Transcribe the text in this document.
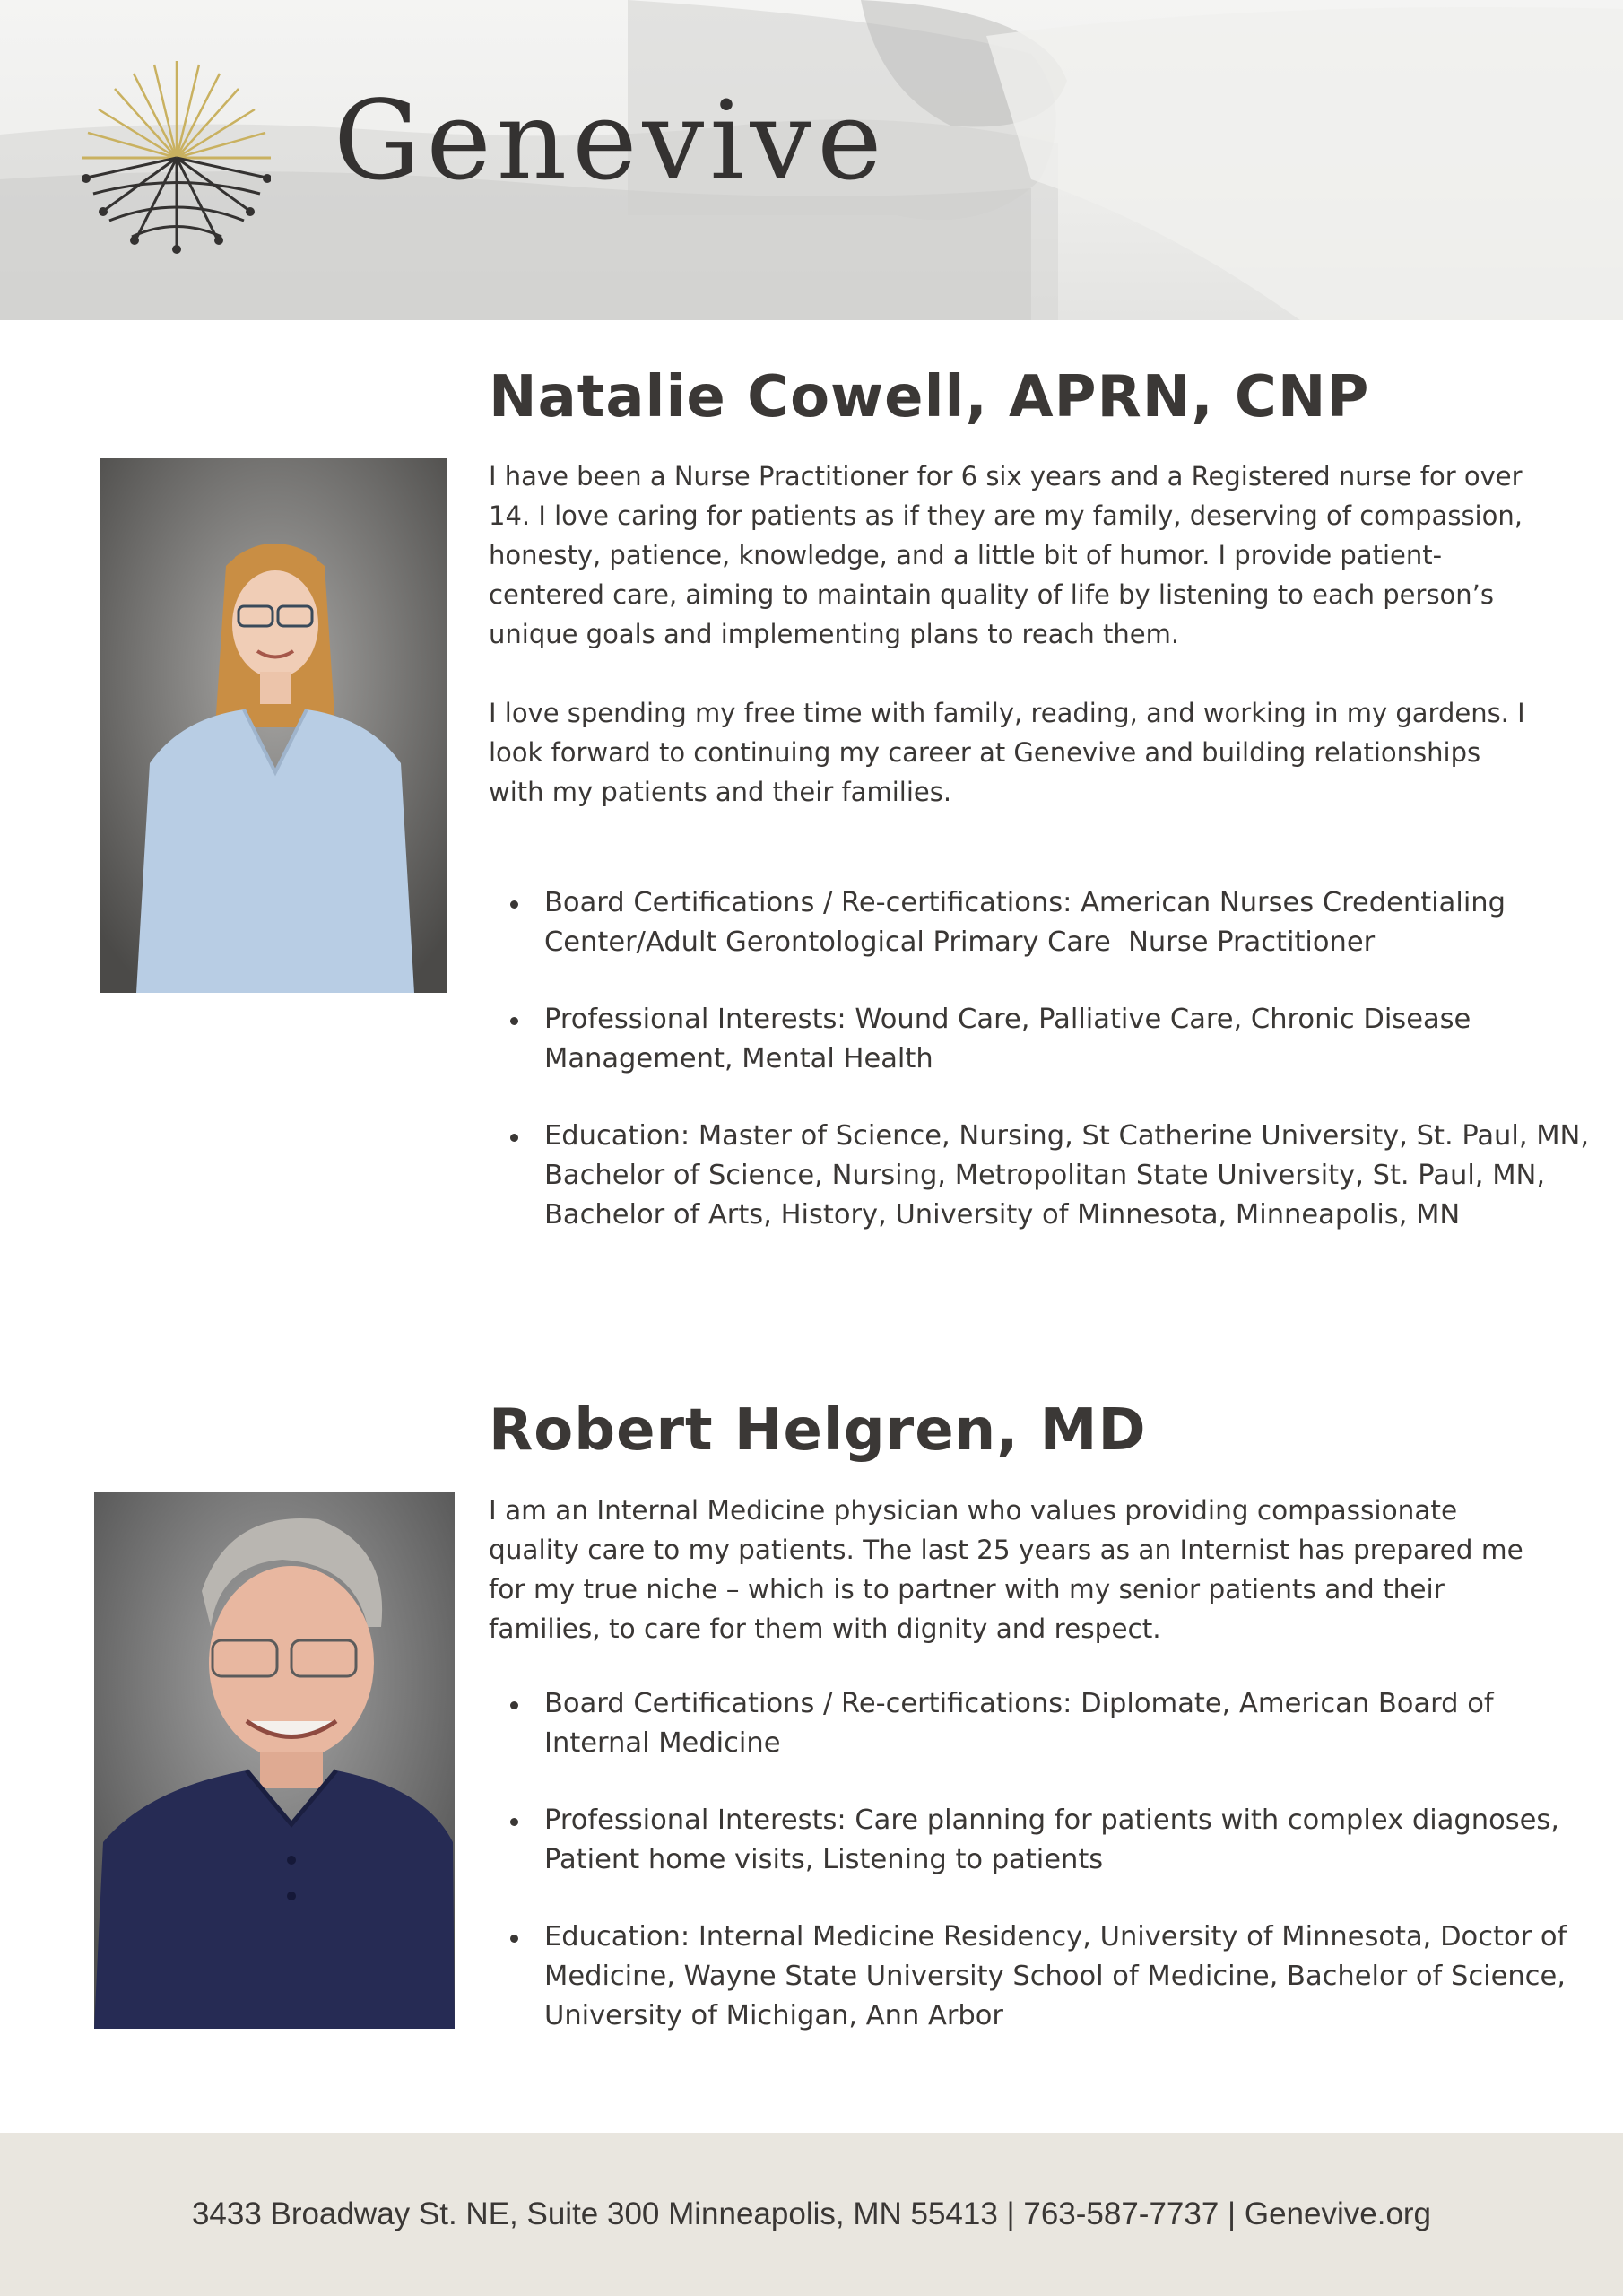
Genevive
Natalie Cowell, APRN, CNP

I have been a Nurse Practitioner for 6 six years and a Registered nurse for over
14. I love caring for patients as if they are my family, deserving of compassion,
honesty, patience, knowledge, and a little bit of humor. I provide patient-
centered care, aiming to maintain quality of life by listening to each person’s
unique goals and implementing plans to reach them.

I love spending my free time with family, reading, and working in my gardens. I
look forward to continuing my career at Genevive and building relationships
with my patients and their families.

Board Certifications / Re-certifications: American Nurses Credentialing
Center/Adult Gerontological Primary Care  Nurse Practitioner
Professional Interests: Wound Care, Palliative Care, Chronic Disease
Management, Mental Health
Education: Master of Science, Nursing, St Catherine University, St. Paul, MN,
Bachelor of Science, Nursing, Metropolitan State University, St. Paul, MN,
Bachelor of Arts, History, University of Minnesota, Minneapolis, MN
Robert Helgren, MD

I am an Internal Medicine physician who values providing compassionate
quality care to my patients. The last 25 years as an Internist has prepared me
for my true niche – which is to partner with my senior patients and their
families, to care for them with dignity and respect.

Board Certifications / Re-certifications: Diplomate, American Board of
Internal Medicine
Professional Interests: Care planning for patients with complex diagnoses,
Patient home visits, Listening to patients
Education: Internal Medicine Residency, University of Minnesota, Doctor of
Medicine, Wayne State University School of Medicine, Bachelor of Science,
University of Michigan, Ann Arbor
3433 Broadway St. NE, Suite 300 Minneapolis, MN 55413 | 763-587-7737 | Genevive.org
